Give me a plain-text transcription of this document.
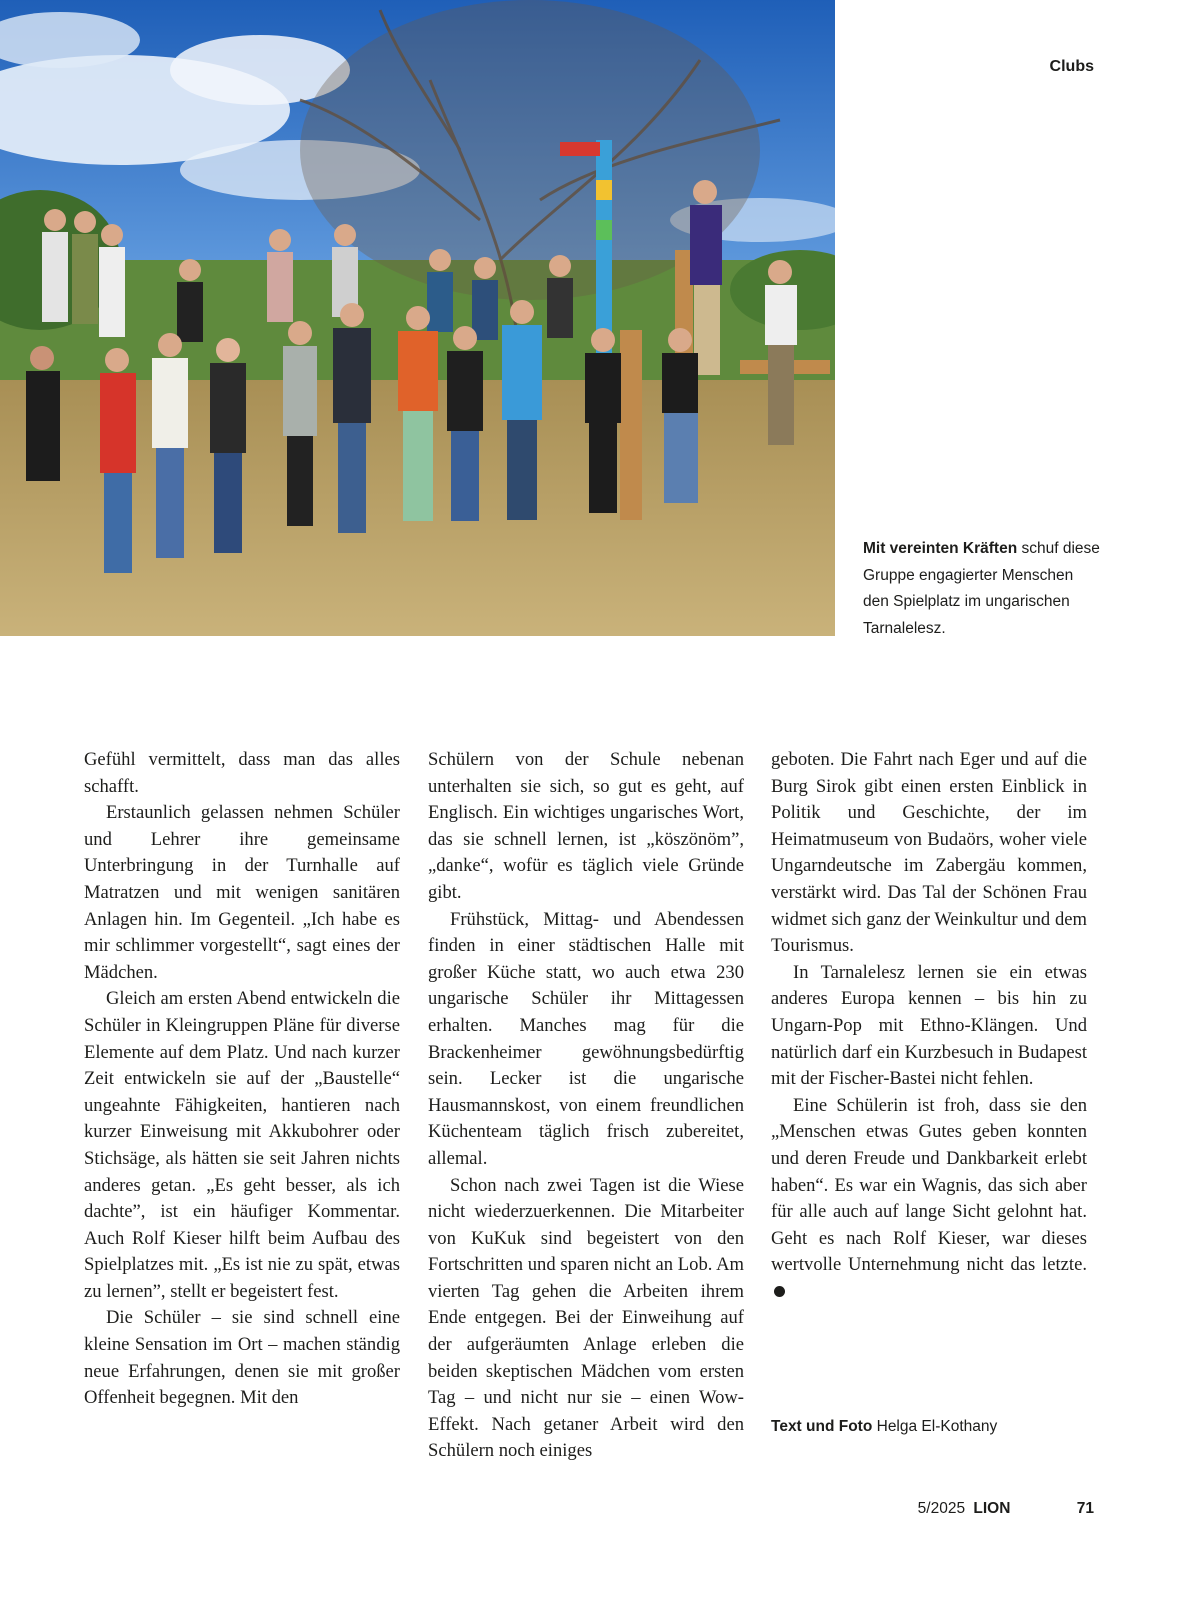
Clubs
Mit vereinten Kräften schuf diese Gruppe engagierter Menschen den Spielplatz im ungarischen Tarnalelesz.

Gefühl vermittelt, dass man das alles schafft.

Erstaunlich gelassen nehmen Schüler und Lehrer ihre gemeinsame Unterbringung in der Turnhalle auf Matratzen und mit wenigen sanitären Anlagen hin. Im Gegenteil. „Ich habe es mir schlimmer vorgestellt“, sagt eines der Mädchen.

Gleich am ersten Abend entwickeln die Schüler in Kleingruppen Pläne für diverse Elemente auf dem Platz. Und nach kurzer Zeit entwickeln sie auf der „Baustelle“ ungeahnte Fähigkeiten, hantieren nach kurzer Einweisung mit Akkubohrer oder Stichsäge, als hätten sie seit Jahren nichts anderes getan. „Es geht besser, als ich dachte”, ist ein häufiger Kommentar. Auch Rolf Kieser hilft beim Aufbau des Spielplatzes mit. „Es ist nie zu spät, etwas zu lernen”, stellt er begeistert fest.

Die Schüler – sie sind schnell eine kleine Sensation im Ort – machen ständig neue Erfahrungen, denen sie mit großer Offenheit begegnen. Mit den

Schülern von der Schule nebenan unterhalten sie sich, so gut es geht, auf Englisch. Ein wichtiges ungarisches Wort, das sie schnell lernen, ist „köszönöm”, „danke“, wofür es täglich viele Gründe gibt.

Frühstück, Mittag- und Abendessen finden in einer städtischen Halle mit großer Küche statt, wo auch etwa 230 ungarische Schüler ihr Mittagessen erhalten. Manches mag für die Brackenheimer gewöhnungsbedürftig sein. Lecker ist die ungarische Hausmannskost, von einem freundlichen Küchenteam täglich frisch zubereitet, allemal.

Schon nach zwei Tagen ist die Wiese nicht wiederzuerkennen. Die Mitarbeiter von KuKuk sind begeistert von den Fortschritten und sparen nicht an Lob. Am vierten Tag gehen die Arbeiten ihrem Ende entgegen. Bei der Einweihung auf der aufgeräumten Anlage erleben die beiden skeptischen Mädchen vom ersten Tag – und nicht nur sie – einen Wow-Effekt. Nach getaner Arbeit wird den Schülern noch einiges

geboten. Die Fahrt nach Eger und auf die Burg Sirok gibt einen ersten Einblick in Politik und Geschichte, der im Heimatmuseum von Budaörs, woher viele Ungarndeutsche im Zabergäu kommen, verstärkt wird. Das Tal der Schönen Frau widmet sich ganz der Weinkultur und dem Tourismus.

In Tarnalelesz lernen sie ein etwas anderes Europa kennen – bis hin zu Ungarn-Pop mit Ethno-Klängen. Und natürlich darf ein Kurzbesuch in Budapest mit der Fischer-Bastei nicht fehlen.

Eine Schülerin ist froh, dass sie den „Menschen etwas Gutes geben konnten und deren Freude und Dankbarkeit erlebt haben“. Es war ein Wagnis, das sich aber für alle auch auf lange Sicht gelohnt hat. Geht es nach Rolf Kieser, war dieses wertvolle Unternehmung nicht das letzte.

Text und Foto Helga El-Kothany
5/2025 LION	71
